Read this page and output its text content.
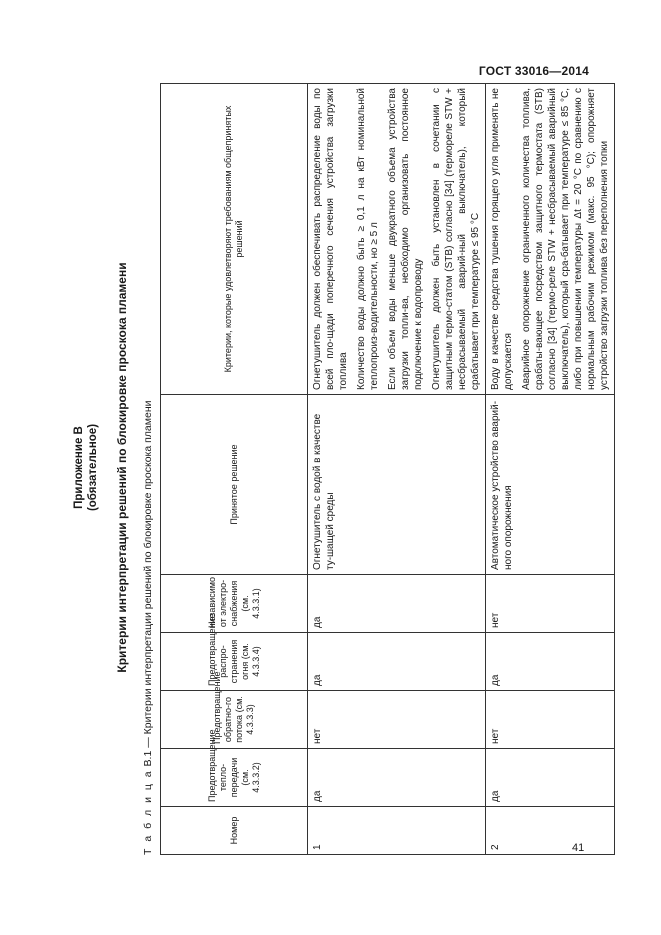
ГОСТ 33016—2014
Приложение В (обязательное) Критерии интерпретации решений по блокировке проскока пламени
Т а б л и ц а В.1 — Критерии интерпретации решений по блокировке проскока пламени
Номер	Предотвращение тепло-передачи (см. 4.3.3.2)	Предотвращение обратно-го потока (см. 4.3.3.3)	Предотвращение распро-странения огня (см. 4.3.3.4)	Независимо от электро-снабжения (см. 4.3.3.1)	Принятое решение	Критерии, которые удовлетворяют требованиям общепринятых решений
1	да	нет	да	да	Огнетушитель с водой в качестве ту-шащей среды	Огнетушитель должен обеспечивать распределение воды по всей пло-щади поперечного сечения устройства загрузки топлива Количество воды должно быть ≥ 0,1 л на кВт номинальной теплопроиз-водительности, но ≥ 5 л Если объем воды меньше двукратного объема устройства загрузки топли-ва, необходимо организовать постоянное подключение к водопроводу Огнетушитель должен быть установлен в сочетании с защитным термо-статом (STB) согласно [34] (термореле STW + несбрасываемый аварий-ный выключатель), который срабатывает при температуре ≤ 95 °С

2	да	нет	да	нет	Автоматическое устройство аварий-ного опорожнения	Воду в качестве средства тушения горящего угля применять не допускается Аварийное опорожнение ограниченного количества топлива, срабаты-вающее посредством защитного термостата (STB) согласно [34] (термо-реле STW + несбрасываемый аварийный выключатель), который сра-батывает при температуре ≤ 85 °С, либо при повышении температуры Δt = 20 °С по сравнению с нормальным рабочим режимом (макс. 95 °С); опорожняет устройство загрузки топлива без переполнения топки
41
